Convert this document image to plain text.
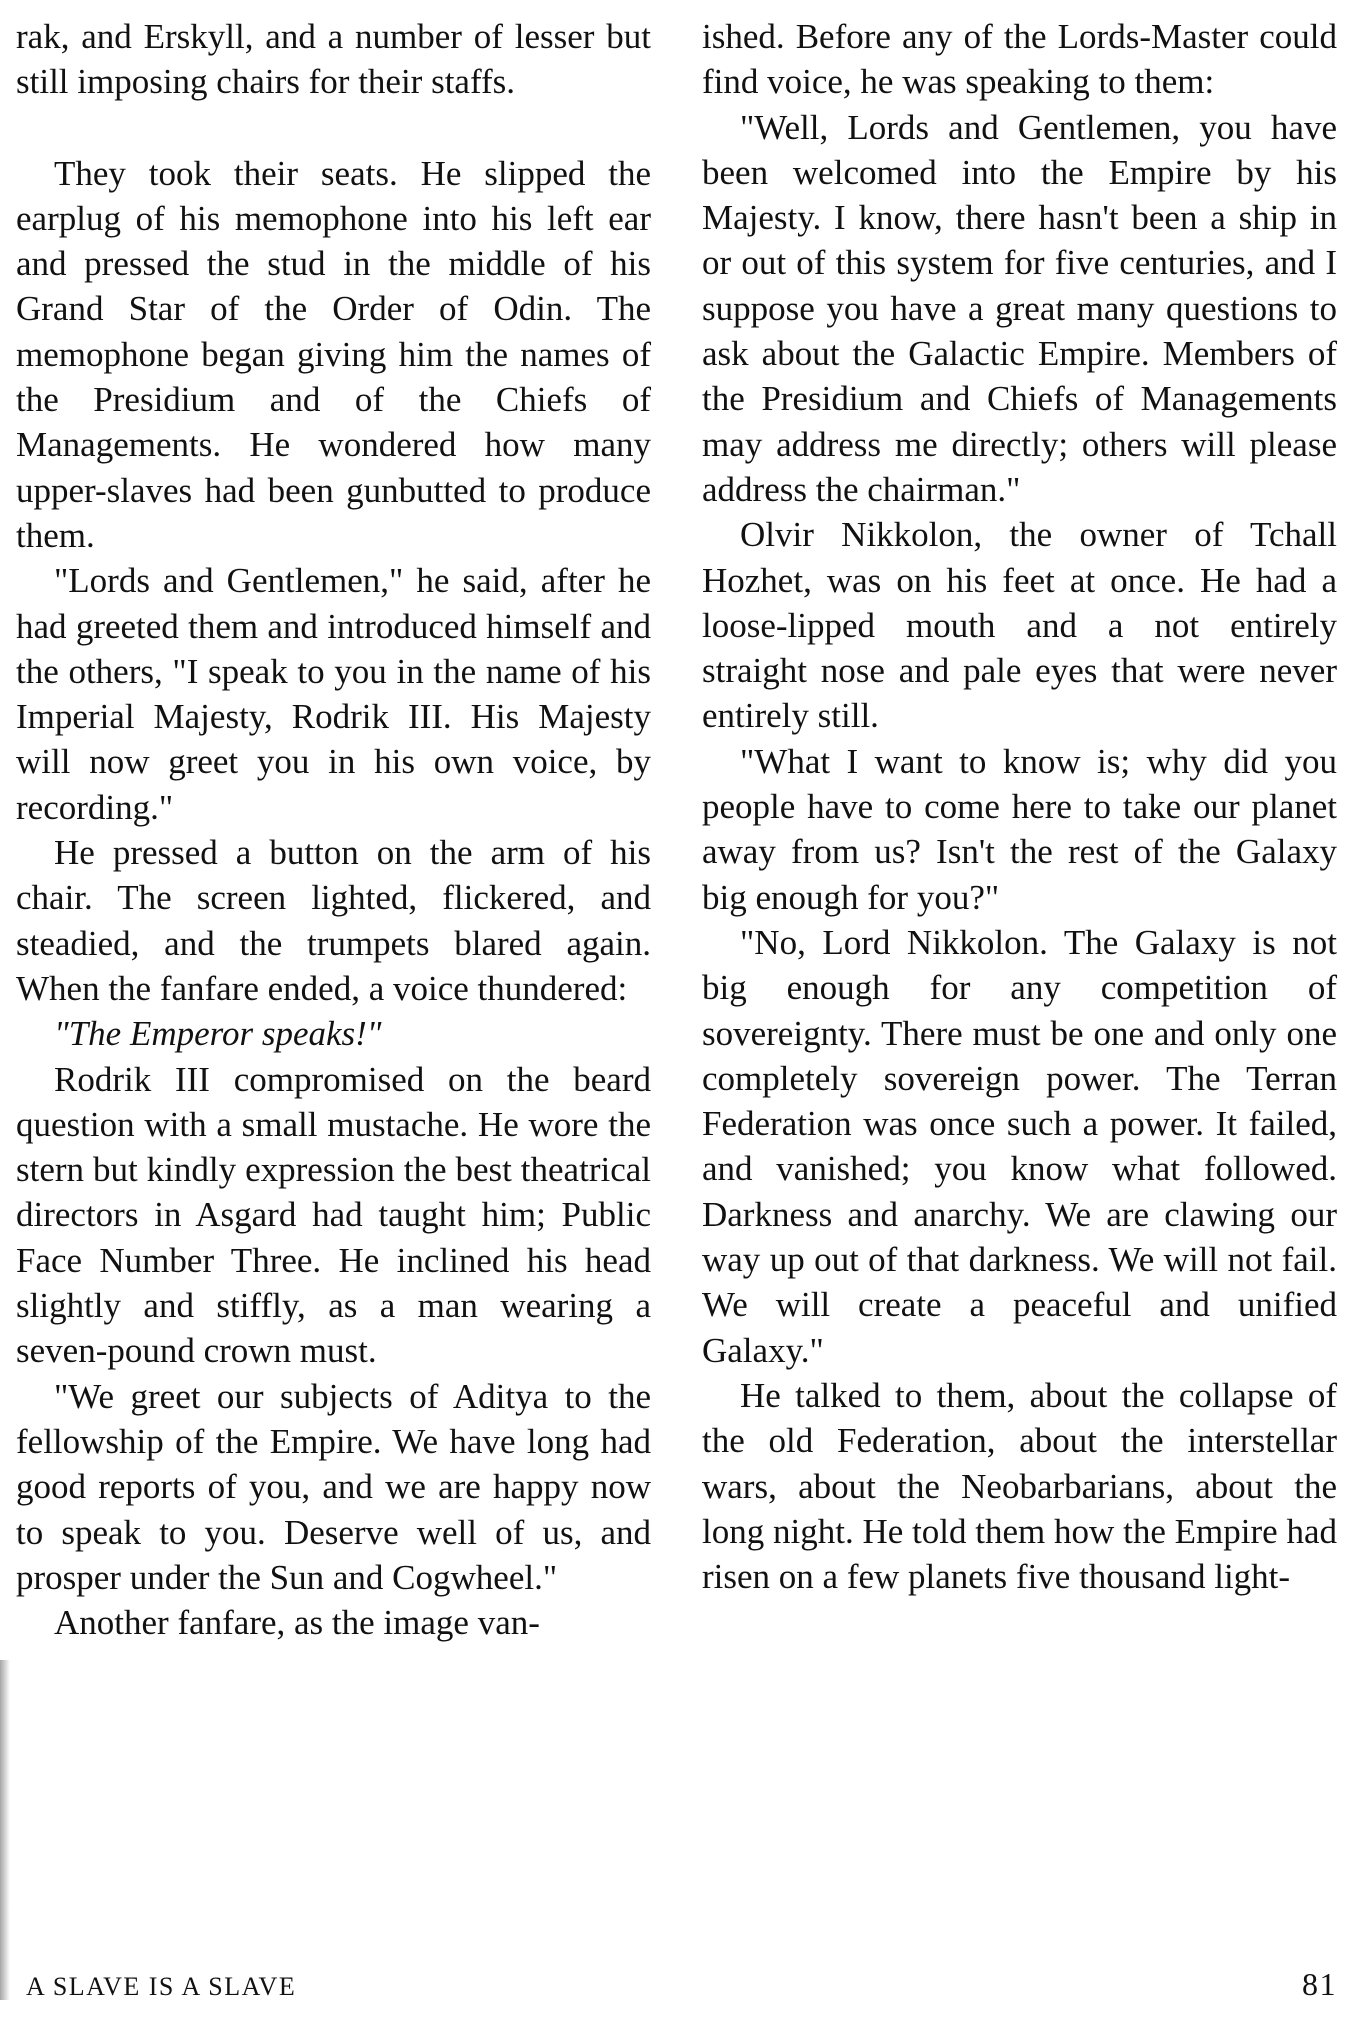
rak, and Erskyll, and a number of lesser but still imposing chairs for their staffs.

They took their seats. He slipped the earplug of his memophone into his left ear and pressed the stud in the middle of his Grand Star of the Order of Odin. The memophone began giving him the names of the Presidium and of the Chiefs of Managements. He wondered how many upper-slaves had been gunbutted to produce them.

"Lords and Gentlemen," he said, after he had greeted them and introduced himself and the others, "I speak to you in the name of his Imperial Majesty, Rodrik III. His Majesty will now greet you in his own voice, by recording."

He pressed a button on the arm of his chair. The screen lighted, flickered, and steadied, and the trumpets blared again. When the fanfare ended, a voice thundered:

"The Emperor speaks!"

Rodrik III compromised on the beard question with a small mustache. He wore the stern but kindly expression the best theatrical directors in Asgard had taught him; Public Face Number Three. He inclined his head slightly and stiffly, as a man wearing a seven-pound crown must.

"We greet our subjects of Aditya to the fellowship of the Empire. We have long had good reports of you, and we are happy now to speak to you. Deserve well of us, and prosper under the Sun and Cogwheel."

Another fanfare, as the image van-

ished. Before any of the Lords-Master could find voice, he was speaking to them:

"Well, Lords and Gentlemen, you have been welcomed into the Empire by his Majesty. I know, there hasn't been a ship in or out of this system for five centuries, and I suppose you have a great many questions to ask about the Galactic Empire. Members of the Presidium and Chiefs of Managements may address me directly; others will please address the chairman."

Olvir Nikkolon, the owner of Tchall Hozhet, was on his feet at once. He had a loose-lipped mouth and a not entirely straight nose and pale eyes that were never entirely still.

"What I want to know is; why did you people have to come here to take our planet away from us? Isn't the rest of the Galaxy big enough for you?"

"No, Lord Nikkolon. The Galaxy is not big enough for any competition of sovereignty. There must be one and only one completely sovereign power. The Terran Federation was once such a power. It failed, and vanished; you know what followed. Darkness and anarchy. We are clawing our way up out of that darkness. We will not fail. We will create a peaceful and unified Galaxy."

He talked to them, about the collapse of the old Federation, about the interstellar wars, about the Neobarbarians, about the long night. He told them how the Empire had risen on a few planets five thousand light-

A SLAVE IS A SLAVE	81
